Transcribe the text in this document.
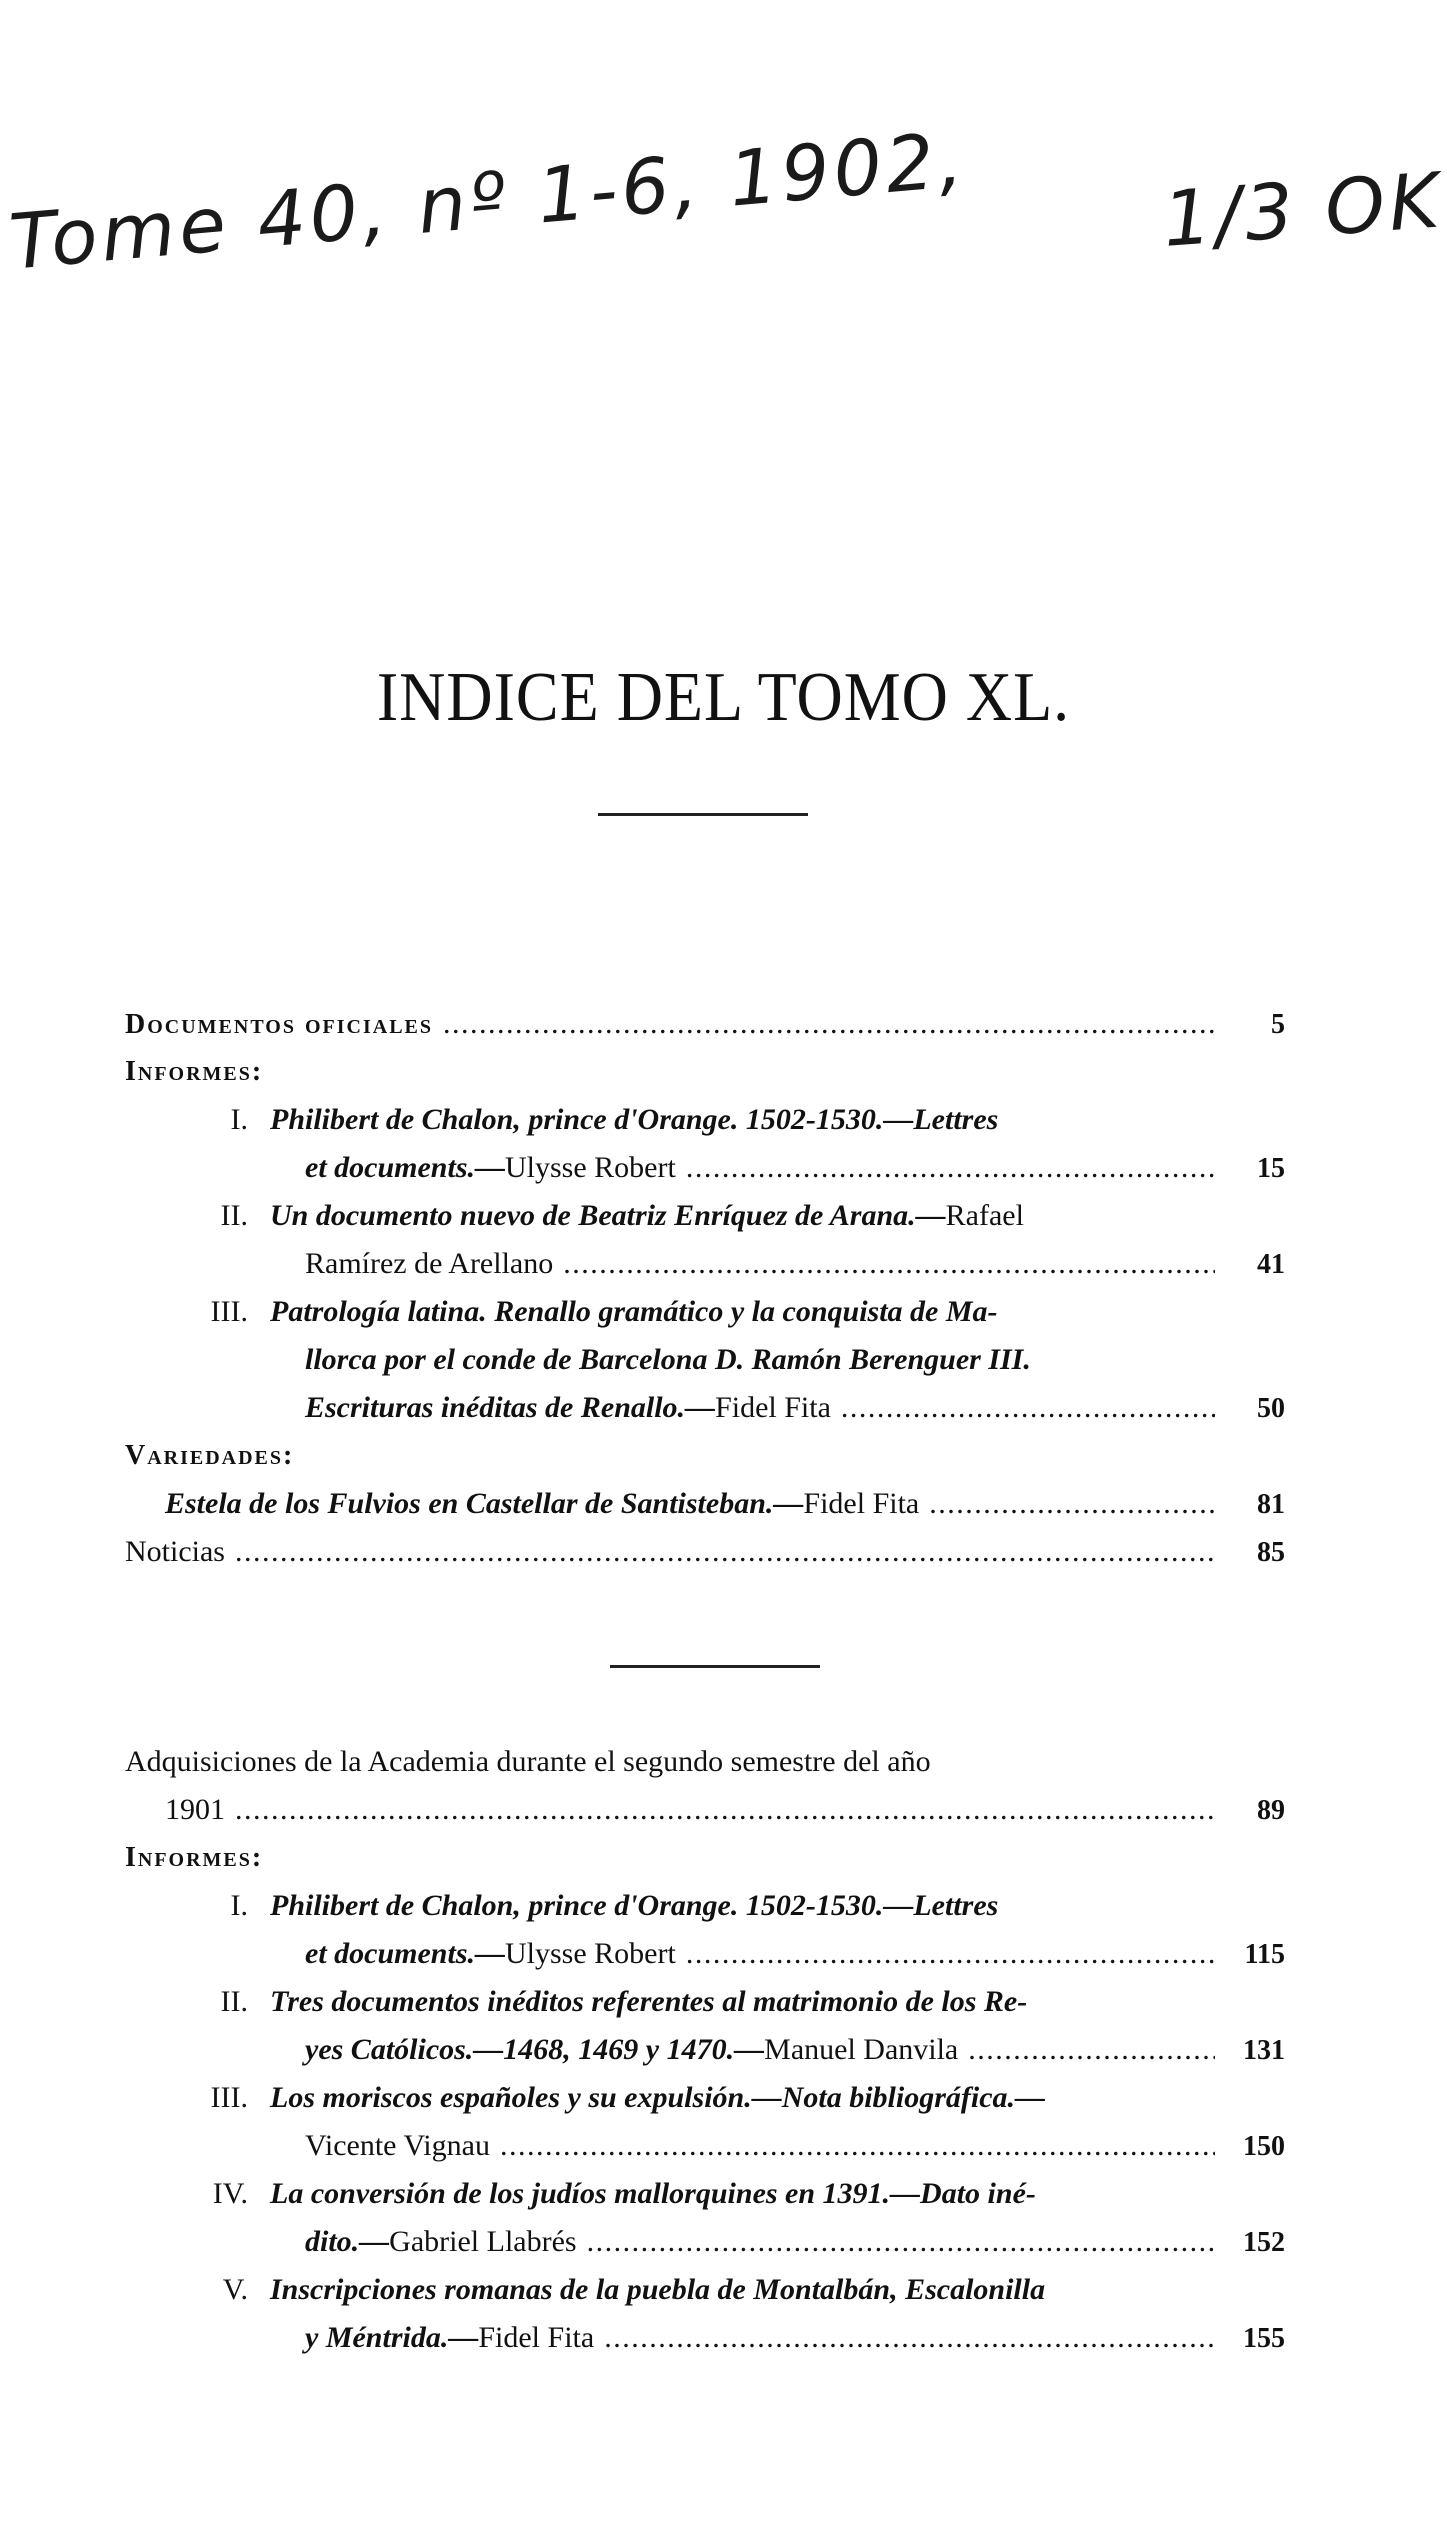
Tome 40, nº 1-6, 1902,	1/3 OK
INDICE DEL TOMO XL.
Documentos oficiales . . .	5
Informes:
I. Philibert de Chalon, prince d'Orange. 1502-1530.—Lettres
et documents.— Ulysse Robert . . .	15
II. Un documento nuevo de Beatriz Enríquez de Arana.— Rafael
Ramírez de Arellano . . .	41
III. Patrología latina. Renallo gramático y la conquista de Ma-
llorca por el conde de Barcelona D. Ramón Berenguer III.
Escrituras inéditas de Renallo.— Fidel Fita . . .	50
Variedades:
Estela de los Fulvios en Castellar de Santisteban.— Fidel Fita . . .	81
Noticias . . .	85
Adquisiciones de la Academia durante el segundo semestre del año
1901 . . .	89
Informes:
I. Philibert de Chalon, prince d'Orange. 1502-1530.—Lettres
et documents.— Ulysse Robert . . .	115
II. Tres documentos inéditos referentes al matrimonio de los Re-
yes Católicos.—1468, 1469 y 1470.— Manuel Danvila . . .	131
III. Los moriscos españoles y su expulsión.—Nota bibliográfica.—
Vicente Vignau . . .	150
IV. La conversión de los judíos mallorquines en 1391.—Dato iné-
dito.— Gabriel Llabrés . . .	152
V. Inscripciones romanas de la puebla de Montalbán, Escalonilla
y Méntrida.— Fidel Fita . . .	155
